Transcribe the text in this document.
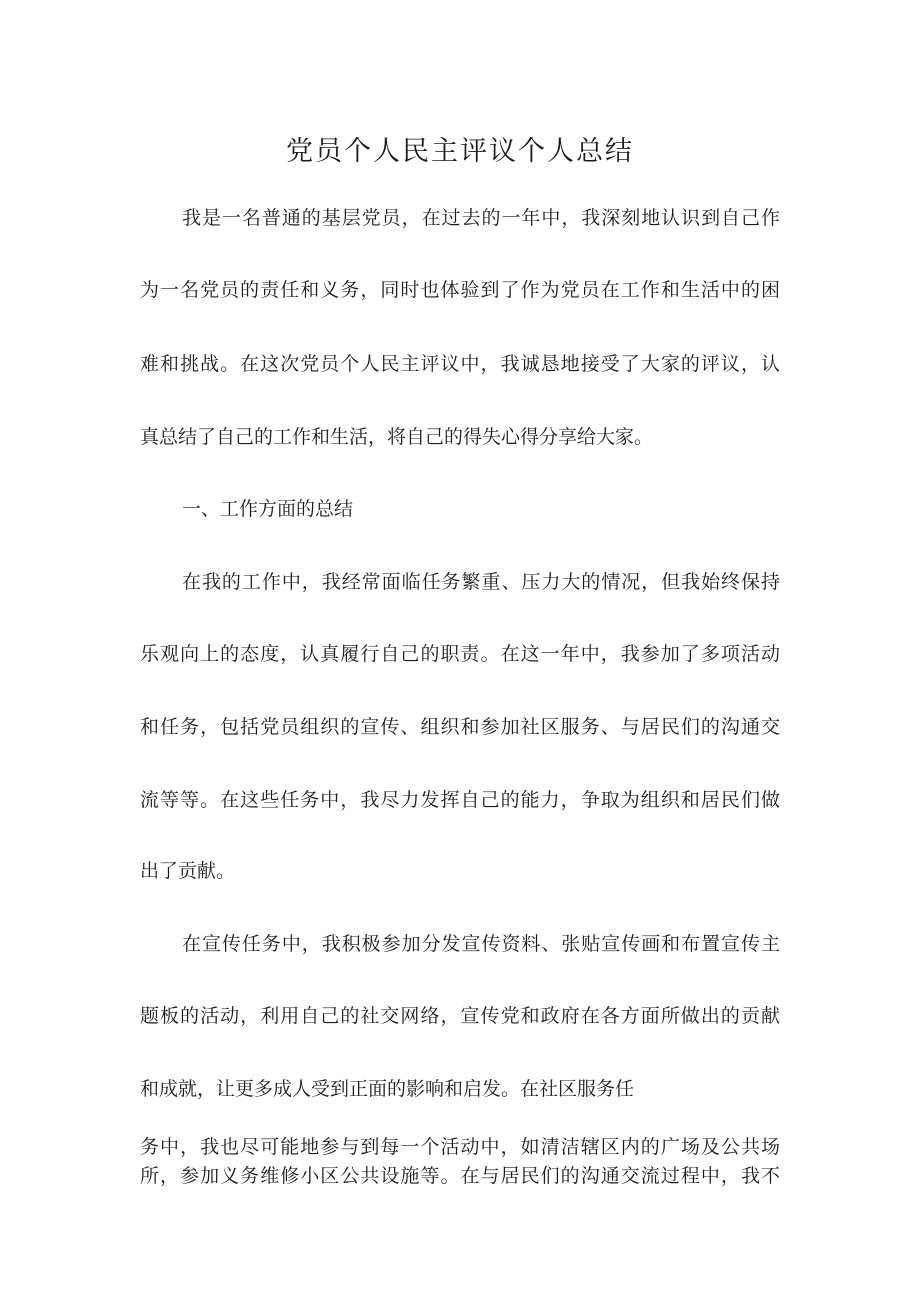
党员个人民主评议个人总结

我是一名普通的基层党员，在过去的一年中，我深刻地认识到自己作

为一名党员的责任和义务，同时也体验到了作为党员在工作和生活中的困

难和挑战。在这次党员个人民主评议中，我诚恳地接受了大家的评议，认

真总结了自己的工作和生活，将自己的得失心得分享给大家。

一、工作方面的总结

在我的工作中，我经常面临任务繁重、压力大的情况，但我始终保持

乐观向上的态度，认真履行自己的职责。在这一年中，我参加了多项活动

和任务，包括党员组织的宣传、组织和参加社区服务、与居民们的沟通交

流等等。在这些任务中，我尽力发挥自己的能力，争取为组织和居民们做

出了贡献。

在宣传任务中，我积极参加分发宣传资料、张贴宣传画和布置宣传主

题板的活动，利用自己的社交网络，宣传党和政府在各方面所做出的贡献

和成就，让更多成人受到正面的影响和启发。在社区服务任

务中，我也尽可能地参与到每一个活动中，如清洁辖区内的广场及公共场

所，参加义务维修小区公共设施等。在与居民们的沟通交流过程中，我不
